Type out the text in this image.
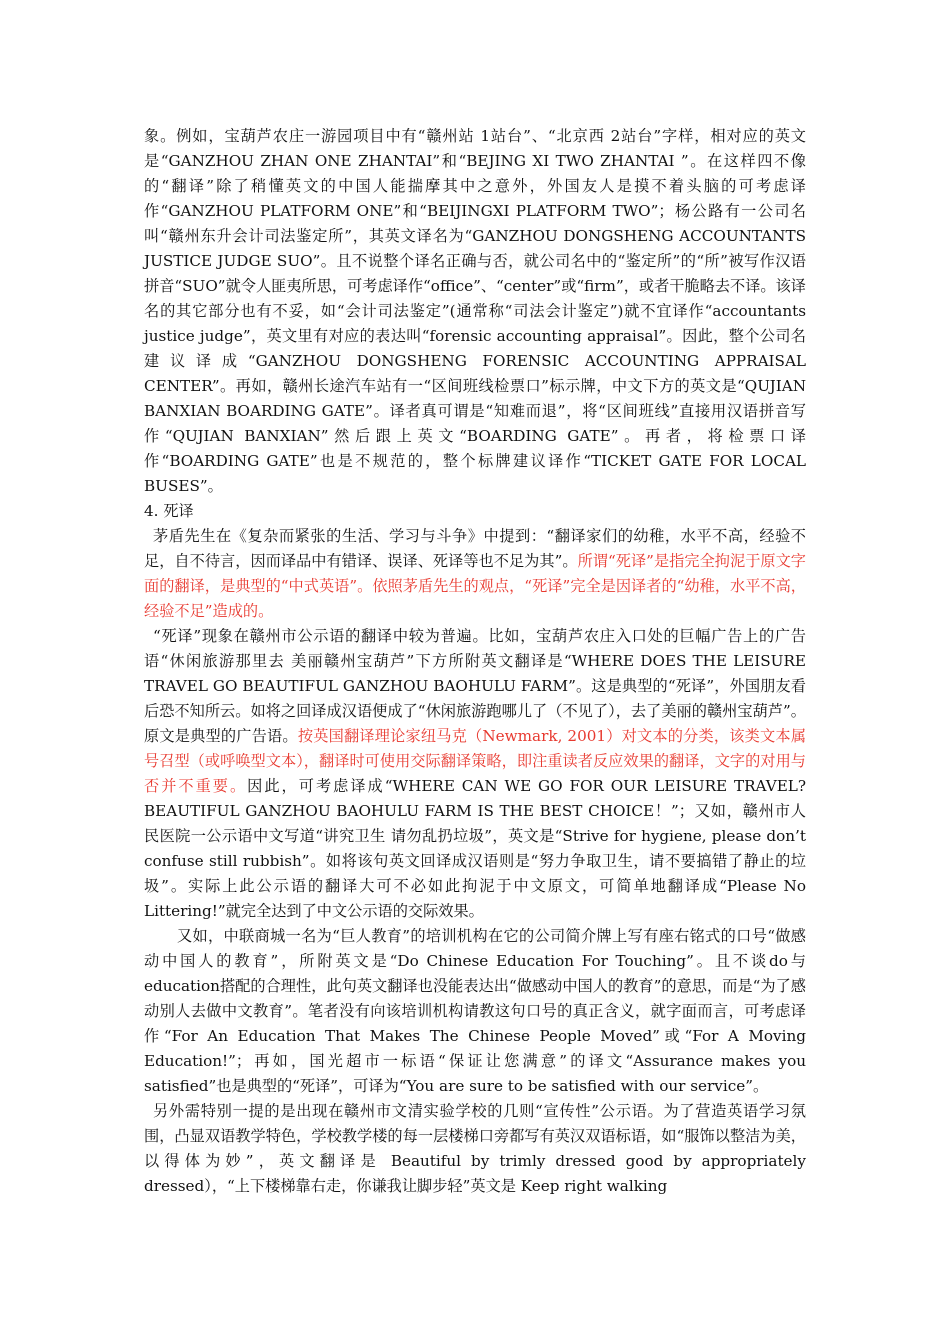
象。例如，宝葫芦农庄一游园项目中有“赣州站 1站台”、“北京西 2站台”字样，相对应的英文是“GANZHOU ZHAN ONE ZHANTAI”和“BEJING XI TWO ZHANTAI ”。在这样四不像的“翻译”除了稍懂英文的中国人能揣摩其中之意外，外国友人是摸不着头脑的可考虑译作“GANZHOU PLATFORM ONE”和“BEIJINGXI PLATFORM TWO”；杨公路有一公司名叫“赣州东升会计司法鉴定所”，其英文译名为“GANZHOU DONGSHENG ACCOUNTANTS JUSTICE JUDGE SUO”。且不说整个译名正确与否，就公司名中的“鉴定所”的“所”被写作汉语拼音“SUO”就令人匪夷所思，可考虑译作“office”、“center”或“firm”，或者干脆略去不译。该译名的其它部分也有不妥，如“会计司法鉴定”(通常称“司法会计鉴定”)就不宜译作“accountants justice judge”，英文里有对应的表达叫“forensic accounting appraisal”。因此，整个公司名建议译成“GANZHOU DONGSHENG FORENSIC ACCOUNTING APPRAISAL CENTER”。再如，赣州长途汽车站有一“区间班线检票口”标示牌，中文下方的英文是“QUJIAN BANXIAN BOARDING GATE”。译者真可谓是“知难而退”，将“区间班线”直接用汉语拼音写作“QUJIAN BANXIAN”然后跟上英文“BOARDING GATE”。再者，将检票口译作“BOARDING GATE”也是不规范的，整个标牌建议译作“TICKET GATE FOR LOCAL BUSES”。

4. 死译

茅盾先生在《复杂而紧张的生活、学习与斗争》中提到：“翻译家们的幼稚，水平不高，经验不足，自不待言，因而译品中有错译、误译、死译等也不足为其”。所谓“死译”是指完全拘泥于原文字面的翻译，是典型的“中式英语”。依照茅盾先生的观点，“死译”完全是因译者的“幼稚，水平不高，经验不足”造成的。

“死译”现象在赣州市公示语的翻译中较为普遍。比如，宝葫芦农庄入口处的巨幅广告上的广告语“休闲旅游那里去 美丽赣州宝葫芦”下方所附英文翻译是“WHERE DOES THE LEISURE TRAVEL GO BEAUTIFUL GANZHOU BAOHULU FARM”。这是典型的“死译”，外国朋友看后恐不知所云。如将之回译成汉语便成了“休闲旅游跑哪儿了（不见了），去了美丽的赣州宝葫芦”。原文是典型的广告语。按英国翻译理论家纽马克（Newmark, 2001）对文本的分类，该类文本属号召型（或呼唤型文本），翻译时可使用交际翻译策略，即注重读者反应效果的翻译，文字的对用与否并不重要。因此，可考虑译成“WHERE CAN WE GO FOR OUR LEISURE TRAVEL? BEAUTIFUL GANZHOU BAOHULU FARM IS THE BEST CHOICE！”；又如，赣州市人民医院一公示语中文写道“讲究卫生 请勿乱扔垃圾”，英文是“Strive for hygiene, please don’t confuse still rubbish”。如将该句英文回译成汉语则是“努力争取卫生，请不要搞错了静止的垃圾”。实际上此公示语的翻译大可不必如此拘泥于中文原文，可简单地翻译成“Please No Littering!”就完全达到了中文公示语的交际效果。

又如，中联商城一名为“巨人教育”的培训机构在它的公司简介牌上写有座右铭式的口号“做感动中国人的教育”，所附英文是“Do Chinese Education For Touching”。且不谈do与education搭配的合理性，此句英文翻译也没能表达出“做感动中国人的教育”的意思，而是“为了感动别人去做中文教育”。笔者没有向该培训机构请教这句口号的真正含义，就字面而言，可考虑译作“For An Education That Makes The Chinese People Moved”或“For A Moving Education!”；再如，国光超市一标语“保证让您满意”的译文“Assurance makes you satisfied”也是典型的“死译”，可译为“You are sure to be satisfied with our service”。

另外需特别一提的是出现在赣州市文清实验学校的几则“宣传性”公示语。为了营造英语学习氛围，凸显双语教学特色，学校教学楼的每一层楼梯口旁都写有英汉双语标语，如“服饰以整洁为美，以得体为妙”，英文翻译是 Beautiful by trimly dressed good by appropriately dressed），“上下楼梯靠右走，你谦我让脚步轻”英文是 Keep right walking
